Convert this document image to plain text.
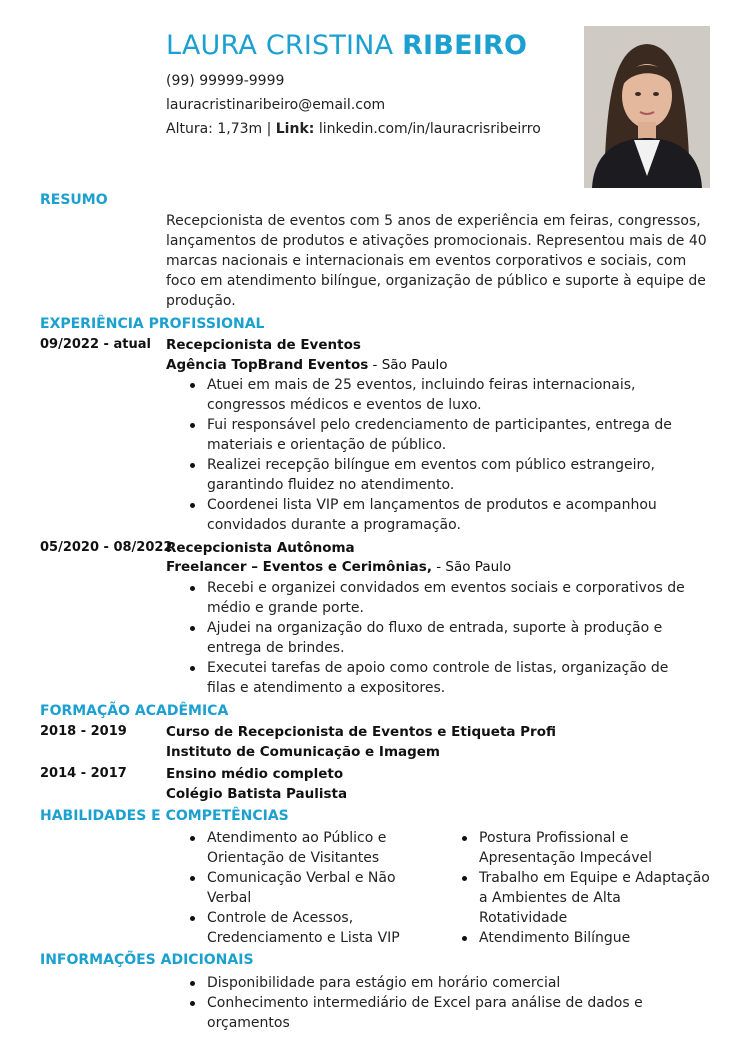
LAURA CRISTINA RIBEIRO
(99) 99999-9999
lauracristinaribeiro@email.com
Altura: 1,73m | Link: linkedin.com/in/lauracrisribeirro
RESUMO
Recepcionista de eventos com 5 anos de experiência em feiras, congressos, lançamentos de produtos e ativações promocionais. Representou mais de 40 marcas nacionais e internacionais em eventos corporativos e sociais, com foco em atendimento bilíngue, organização de público e suporte à equipe de produção.
EXPERIÊNCIA PROFISSIONAL
09/2022 - atual Recepcionista de Eventos
Agência TopBrand Eventos - São Paulo
Atuei em mais de 25 eventos, incluindo feiras internacionais, congressos médicos e eventos de luxo.
Fui responsável pelo credenciamento de participantes, entrega de materiais e orientação de público.
Realizei recepção bilíngue em eventos com público estrangeiro, garantindo fluidez no atendimento.
Coordenei lista VIP em lançamentos de produtos e acompanhou convidados durante a programação.
05/2020 - 08/2022
Recepcionista Autônoma
Freelancer – Eventos e Cerimônias, - São Paulo
Recebi e organizei convidados em eventos sociais e corporativos de médio e grande porte.
Ajudei na organização do fluxo de entrada, suporte à produção e entrega de brindes.
Executei tarefas de apoio como controle de listas, organização de filas e atendimento a expositores.
FORMAÇÃO ACADÊMICA
2018 - 2019	Curso de Recepcionista de Eventos e Etiqueta Profi
Instituto de Comunicação e Imagem
2014 - 2017	Ensino médio completo
Colégio Batista Paulista
HABILIDADES E COMPETÊNCIAS
Atendimento ao Público e Orientação de Visitantes
Comunicação Verbal e Não Verbal
Controle de Acessos, Credenciamento e Lista VIP
Postura Profissional e Apresentação Impecável
Trabalho em Equipe e Adaptação a Ambientes de Alta Rotatividade
Atendimento Bilíngue
INFORMAÇÕES ADICIONAIS
Disponibilidade para estágio em horário comercial
Conhecimento intermediário de Excel para análise de dados e orçamentos
